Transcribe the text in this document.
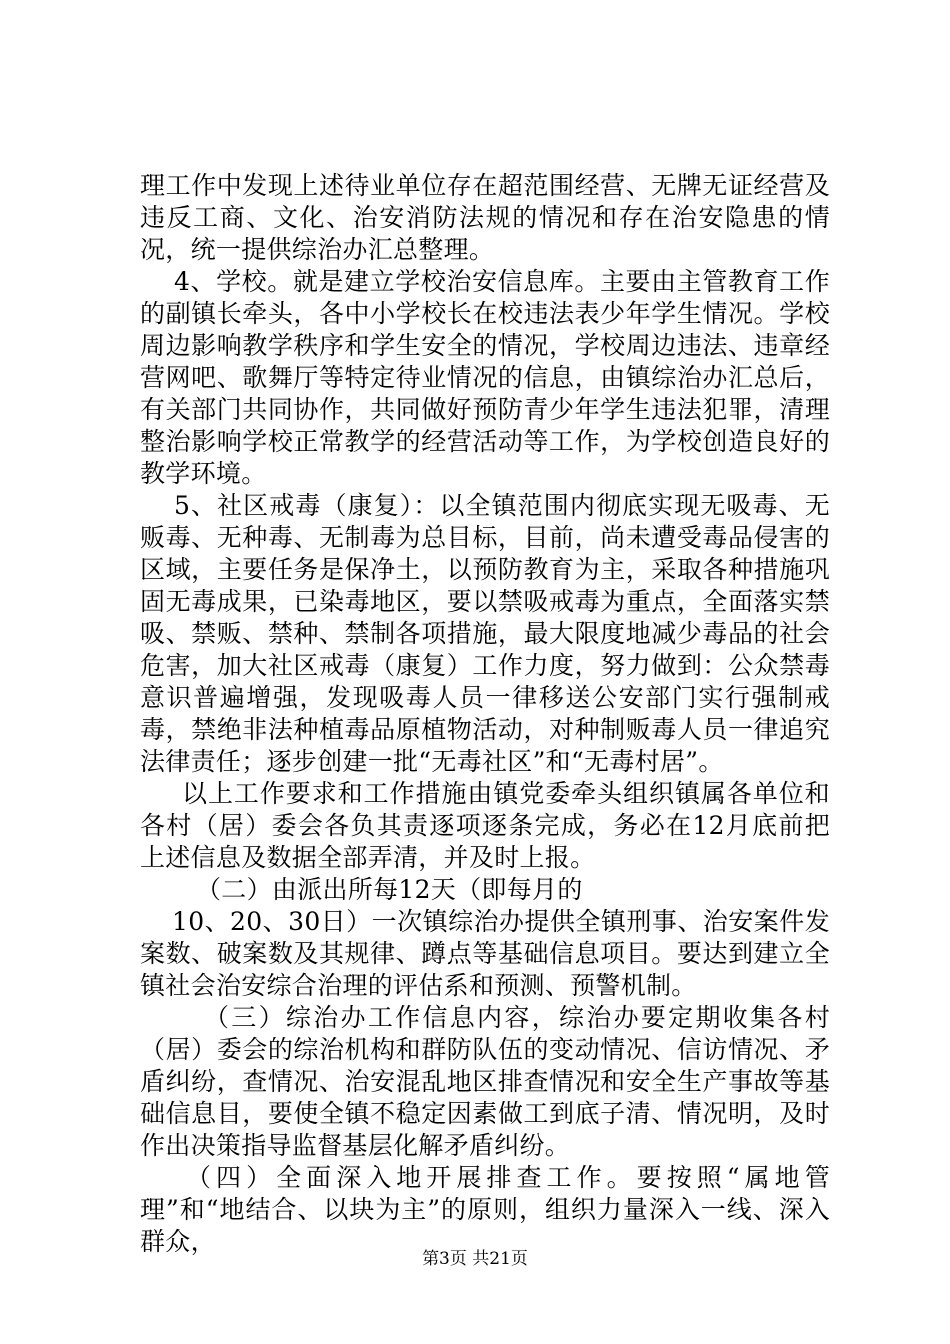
理工作中发现上述待业单位存在超范围经营、无牌无证经营及违反工商、文化、治安消防法规的情况和存在治安隐患的情况，统一提供综治办汇总整理。

4、学校。就是建立学校治安信息库。主要由主管教育工作的副镇长牵头，各中小学校长在校违法表少年学生情况。学校周边影响教学秩序和学生安全的情况，学校周边违法、违章经营网吧、歌舞厅等特定待业情况的信息，由镇综治办汇总后，有关部门共同协作，共同做好预防青少年学生违法犯罪，清理整治影响学校正常教学的经营活动等工作，为学校创造良好的教学环境。

5、社区戒毒（康复）：以全镇范围内彻底实现无吸毒、无贩毒、无种毒、无制毒为总目标，目前，尚未遭受毒品侵害的区域，主要任务是保净土，以预防教育为主，采取各种措施巩固无毒成果，已染毒地区，要以禁吸戒毒为重点，全面落实禁吸、禁贩、禁种、禁制各项措施，最大限度地减少毒品的社会危害，加大社区戒毒（康复）工作力度，努力做到：公众禁毒意识普遍增强，发现吸毒人员一律移送公安部门实行强制戒毒，禁绝非法种植毒品原植物活动，对种制贩毒人员一律追究法律责任；逐步创建一批“无毒社区”和“无毒村居”。

以上工作要求和工作措施由镇党委牵头组织镇属各单位和各村（居）委会各负其责逐项逐条完成，务必在12月底前把上述信息及数据全部弄清，并及时上报。

（二）由派出所每12天（即每月的

10、20、30日）一次镇综治办提供全镇刑事、治安案件发案数、破案数及其规律、蹲点等基础信息项目。要达到建立全镇社会治安综合治理的评估系和预测、预警机制。

（三）综治办工作信息内容，综治办要定期收集各村（居）委会的综治机构和群防队伍的变动情况、信访情况、矛盾纠纷，查情况、治安混乱地区排查情况和安全生产事故等基础信息目，要使全镇不稳定因素做工到底子清、情况明，及时作出决策指导监督基层化解矛盾纠纷。

（四）全面深入地开展排查工作。要按照“属地管理”和“地结合、以块为主”的原则，组织力量深入一线、深入群众，

第3页 共21页
